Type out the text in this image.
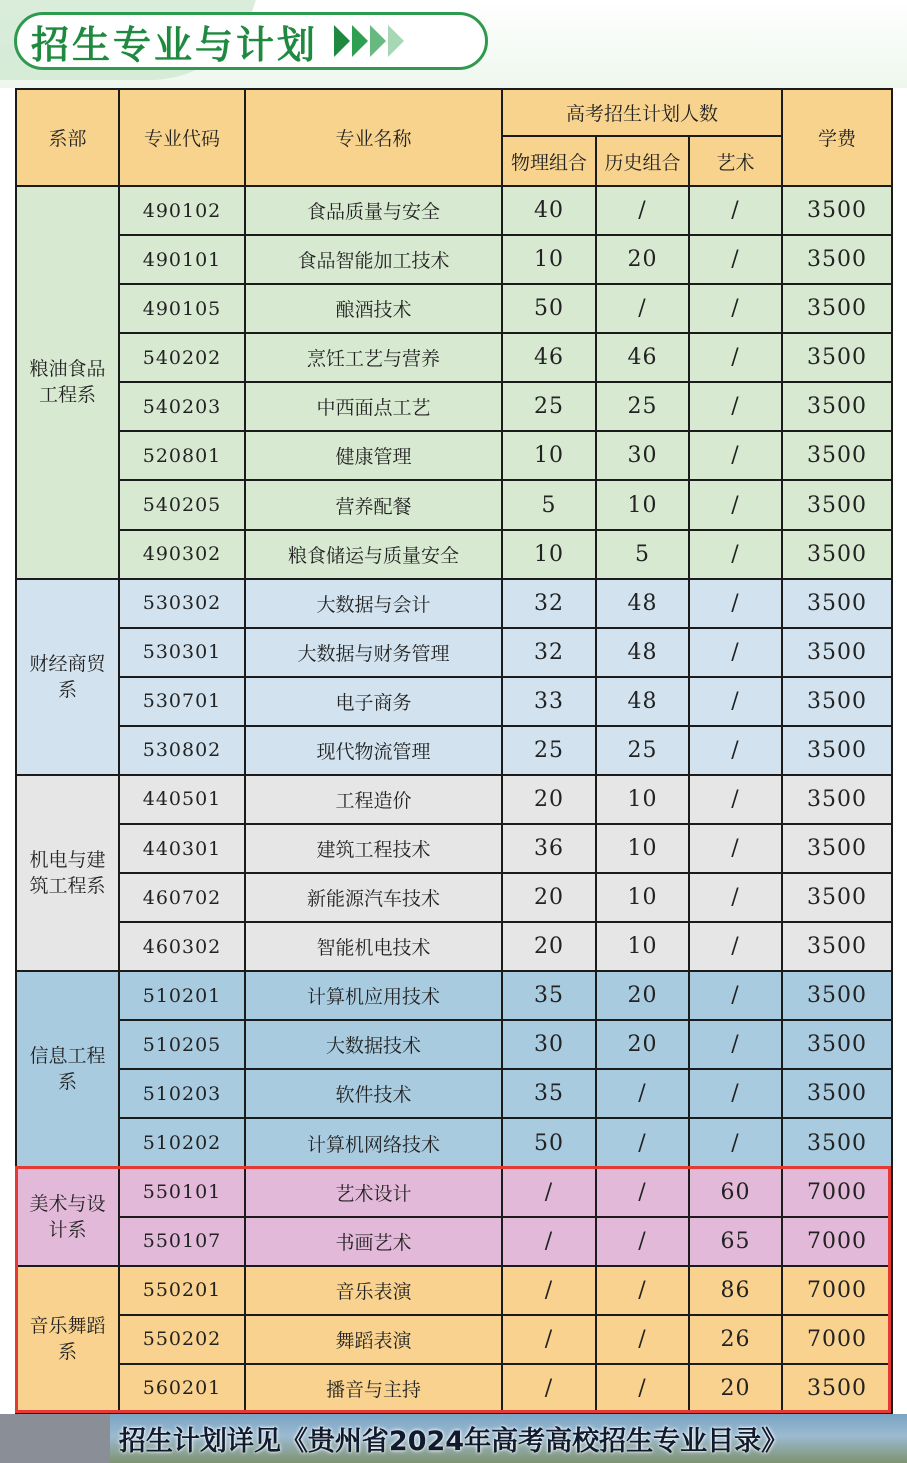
招生专业与计划
系部	专业代码	专业名称	高考招生计划人数			学费
			物理组合	历史组合	艺术	
粮油食品工程系	490102	食品质量与安全	40	/	/	3500
	490101	食品智能加工技术	10	20	/	3500
	490105	酿酒技术	50	/	/	3500
	540202	烹饪工艺与营养	46	46	/	3500
	540203	中西面点工艺	25	25	/	3500
	520801	健康管理	10	30	/	3500
	540205	营养配餐	5	10	/	3500
	490302	粮食储运与质量安全	10	5	/	3500
财经商贸系	530302	大数据与会计	32	48	/	3500
	530301	大数据与财务管理	32	48	/	3500
	530701	电子商务	33	48	/	3500
	530802	现代物流管理	25	25	/	3500
机电与建筑工程系	440501	工程造价	20	10	/	3500
	440301	建筑工程技术	36	10	/	3500
	460702	新能源汽车技术	20	10	/	3500
	460302	智能机电技术	20	10	/	3500
信息工程系	510201	计算机应用技术	35	20	/	3500
	510205	大数据技术	30	20	/	3500
	510203	软件技术	35	/	/	3500
	510202	计算机网络技术	50	/	/	3500
美术与设计系	550101	艺术设计	/	/	60	7000
	550107	书画艺术	/	/	65	7000
音乐舞蹈系	550201	音乐表演	/	/	86	7000
	550202	舞蹈表演	/	/	26	7000
	560201	播音与主持	/	/	20	3500
招生计划详见《贵州省2024年高考高校招生专业目录》
